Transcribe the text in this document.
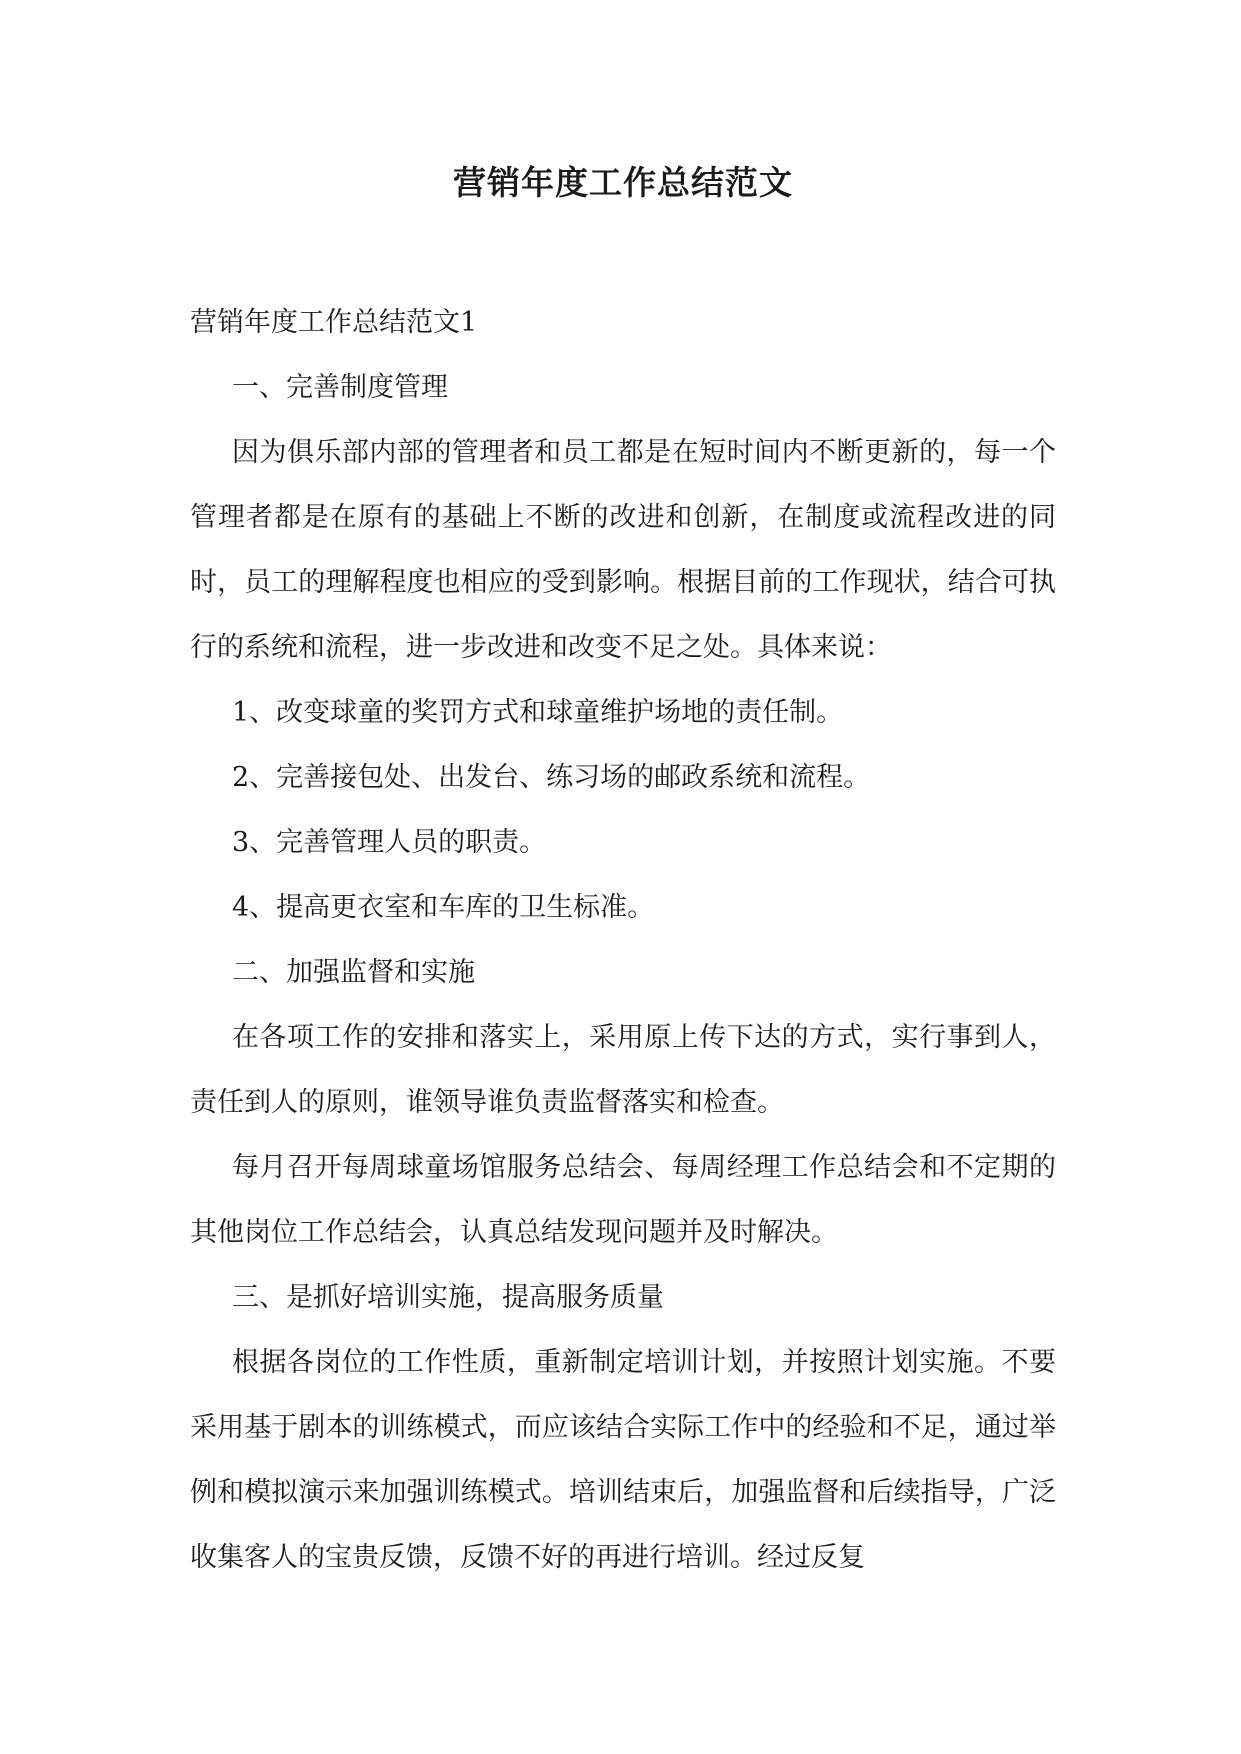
营销年度工作总结范文

营销年度工作总结范文1

一、完善制度管理

因为俱乐部内部的管理者和员工都是在短时间内不断更新的，每一个管理者都是在原有的基础上不断的改进和创新，在制度或流程改进的同时，员工的理解程度也相应的受到影响。根据目前的工作现状，结合可执行的系统和流程，进一步改进和改变不足之处。具体来说：

1、改变球童的奖罚方式和球童维护场地的责任制。

2、完善接包处、出发台、练习场的邮政系统和流程。

3、完善管理人员的职责。

4、提高更衣室和车库的卫生标准。

二、加强监督和实施

在各项工作的安排和落实上，采用原上传下达的方式，实行事到人，责任到人的原则，谁领导谁负责监督落实和检查。

每月召开每周球童场馆服务总结会、每周经理工作总结会和不定期的其他岗位工作总结会，认真总结发现问题并及时解决。

三、是抓好培训实施，提高服务质量

根据各岗位的工作性质，重新制定培训计划，并按照计划实施。不要采用基于剧本的训练模式，而应该结合实际工作中的经验和不足，通过举例和模拟演示来加强训练模式。培训结束后，加强监督和后续指导，广泛收集客人的宝贵反馈，反馈不好的再进行培训。经过反复
